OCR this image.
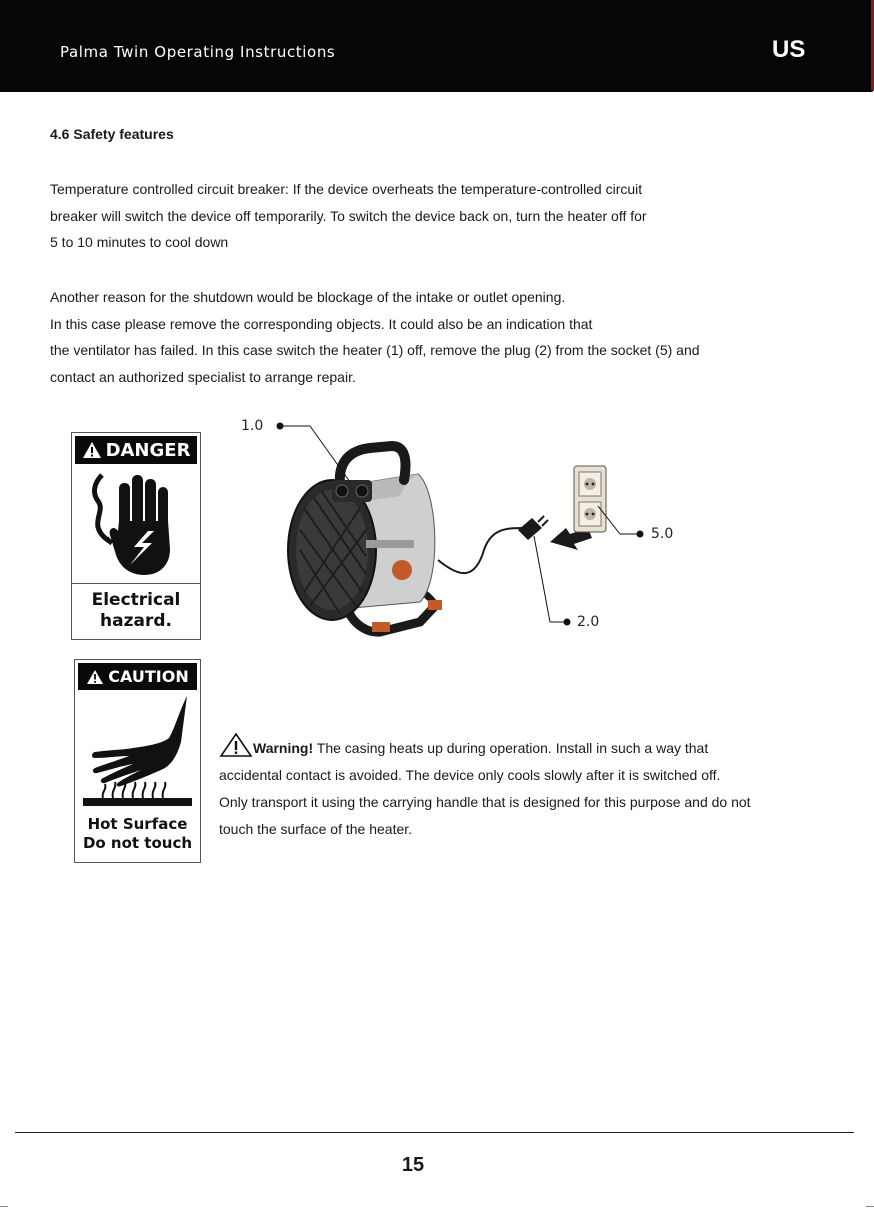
Palma Twin Operating Instructions	US
4.6 Safety features
Temperature controlled circuit breaker: If the device overheats the temperature-controlled circuit
breaker will switch the device off temporarily. To switch the device back on, turn the heater off for
5 to 10 minutes to cool down
Another reason for the shutdown would be blockage of the intake or outlet opening.
In this case please remove the corresponding objects. It could also be an indication that
the ventilator has failed. In this case switch the heater (1) off, remove the plug (2) from the socket (5) and
contact an authorized specialist to arrange repair.
DANGER
Electrical
hazard.
CAUTION
Hot Surface
Do not touch
1.0
5.0
2.0
Warning! The casing heats up during operation. Install in such a way that
accidental contact is avoided. The device only cools slowly after it is switched off.
Only transport it using the carrying handle that is designed for this purpose and do not
touch the surface of the heater.
15
